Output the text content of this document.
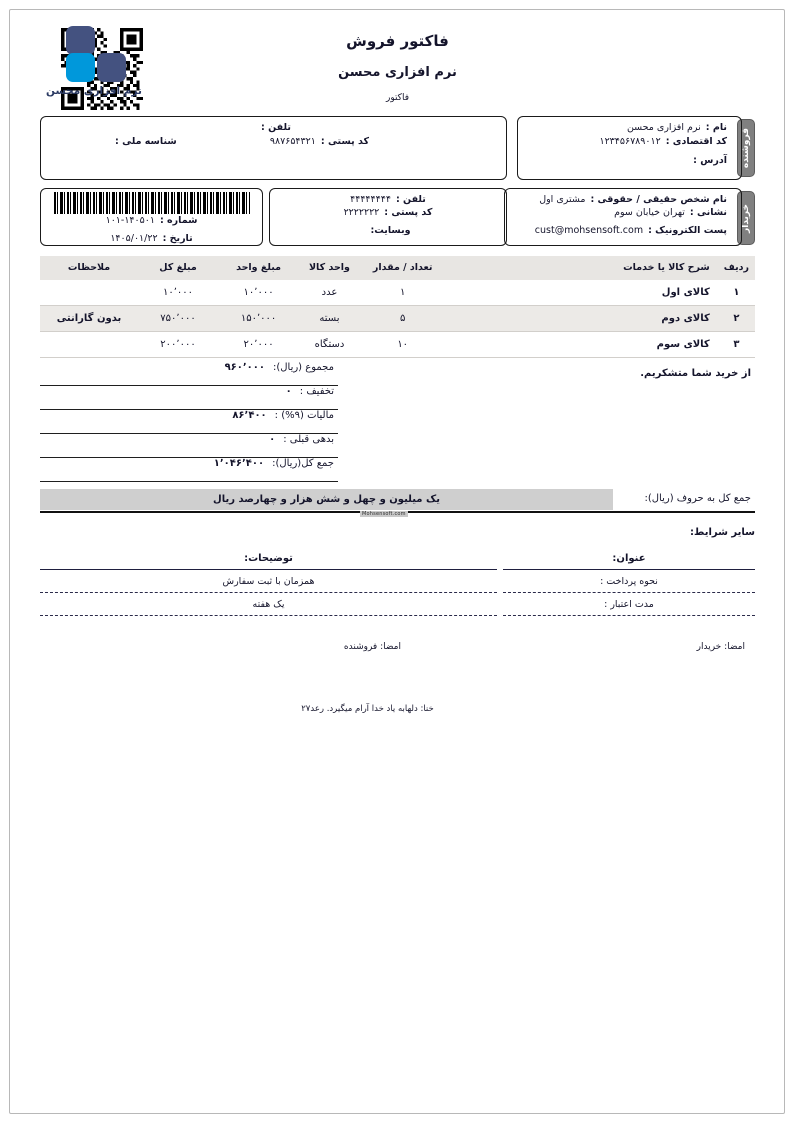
فاکتور فروش
نرم افزاری محسن
فاکتور
نرم افزاری محسن
فروشنده
نام :
نرم افزاری محسن
کد اقتصادی :
۱۲۳۴۵۶۷۸۹۰۱۲
آدرس :
تلفن :
کد پستی :
۹۸۷۶۵۴۳۲۱
شناسه ملی :
خریدار
نام شخص حقیقی / حقوقی :
مشتری اول
نشانی :
تهران خیابان سوم
پست الکترونیک :
cust@mohsensoft.com
تلفن :
۴۴۴۴۴۴۴۴
کد پستی :
۲۲۲۲۲۲۲
وبسایت:
شماره :
۱۰۱-۱۴۰۵۰۱
تاریخ :
۱۴۰۵/۰۱/۲۲
ردیف	شرح کالا یا خدمات	تعداد / مقدار	واحد کالا	مبلغ واحد	مبلغ کل	ملاحظات
۱	کالای اول	۱	عدد	۱۰٬۰۰۰	۱۰٬۰۰۰	
۲	کالای دوم	۵	بسته	۱۵۰٬۰۰۰	۷۵۰٬۰۰۰	بدون گارانتی
۳	کالای سوم	۱۰	دستگاه	۲۰٬۰۰۰	۲۰۰٬۰۰۰	
از خرید شما متشکریم.
مجموع (ریال):
۹۶۰٬۰۰۰
تخفیف :
۰
مالیات (۹%) :
۸۶٬۴۰۰
بدهی قبلی :
۰
جمع کل(ریال):
۱٬۰۴۶٬۴۰۰
جمع کل به حروف (ریال):
یک میلیون و چهل و شش هزار و چهارصد ریال
Mohsensoft.com
سایر شرایط:
عنوان:		توضیحات:
نحوه پرداخت :		همزمان با ثبت سفارش
مدت اعتبار :		یک هفته
امضا: خریدار
امضا: فروشنده
خنا: دلهابه یاد خدا آرام میگیرد. رعد۲۷
